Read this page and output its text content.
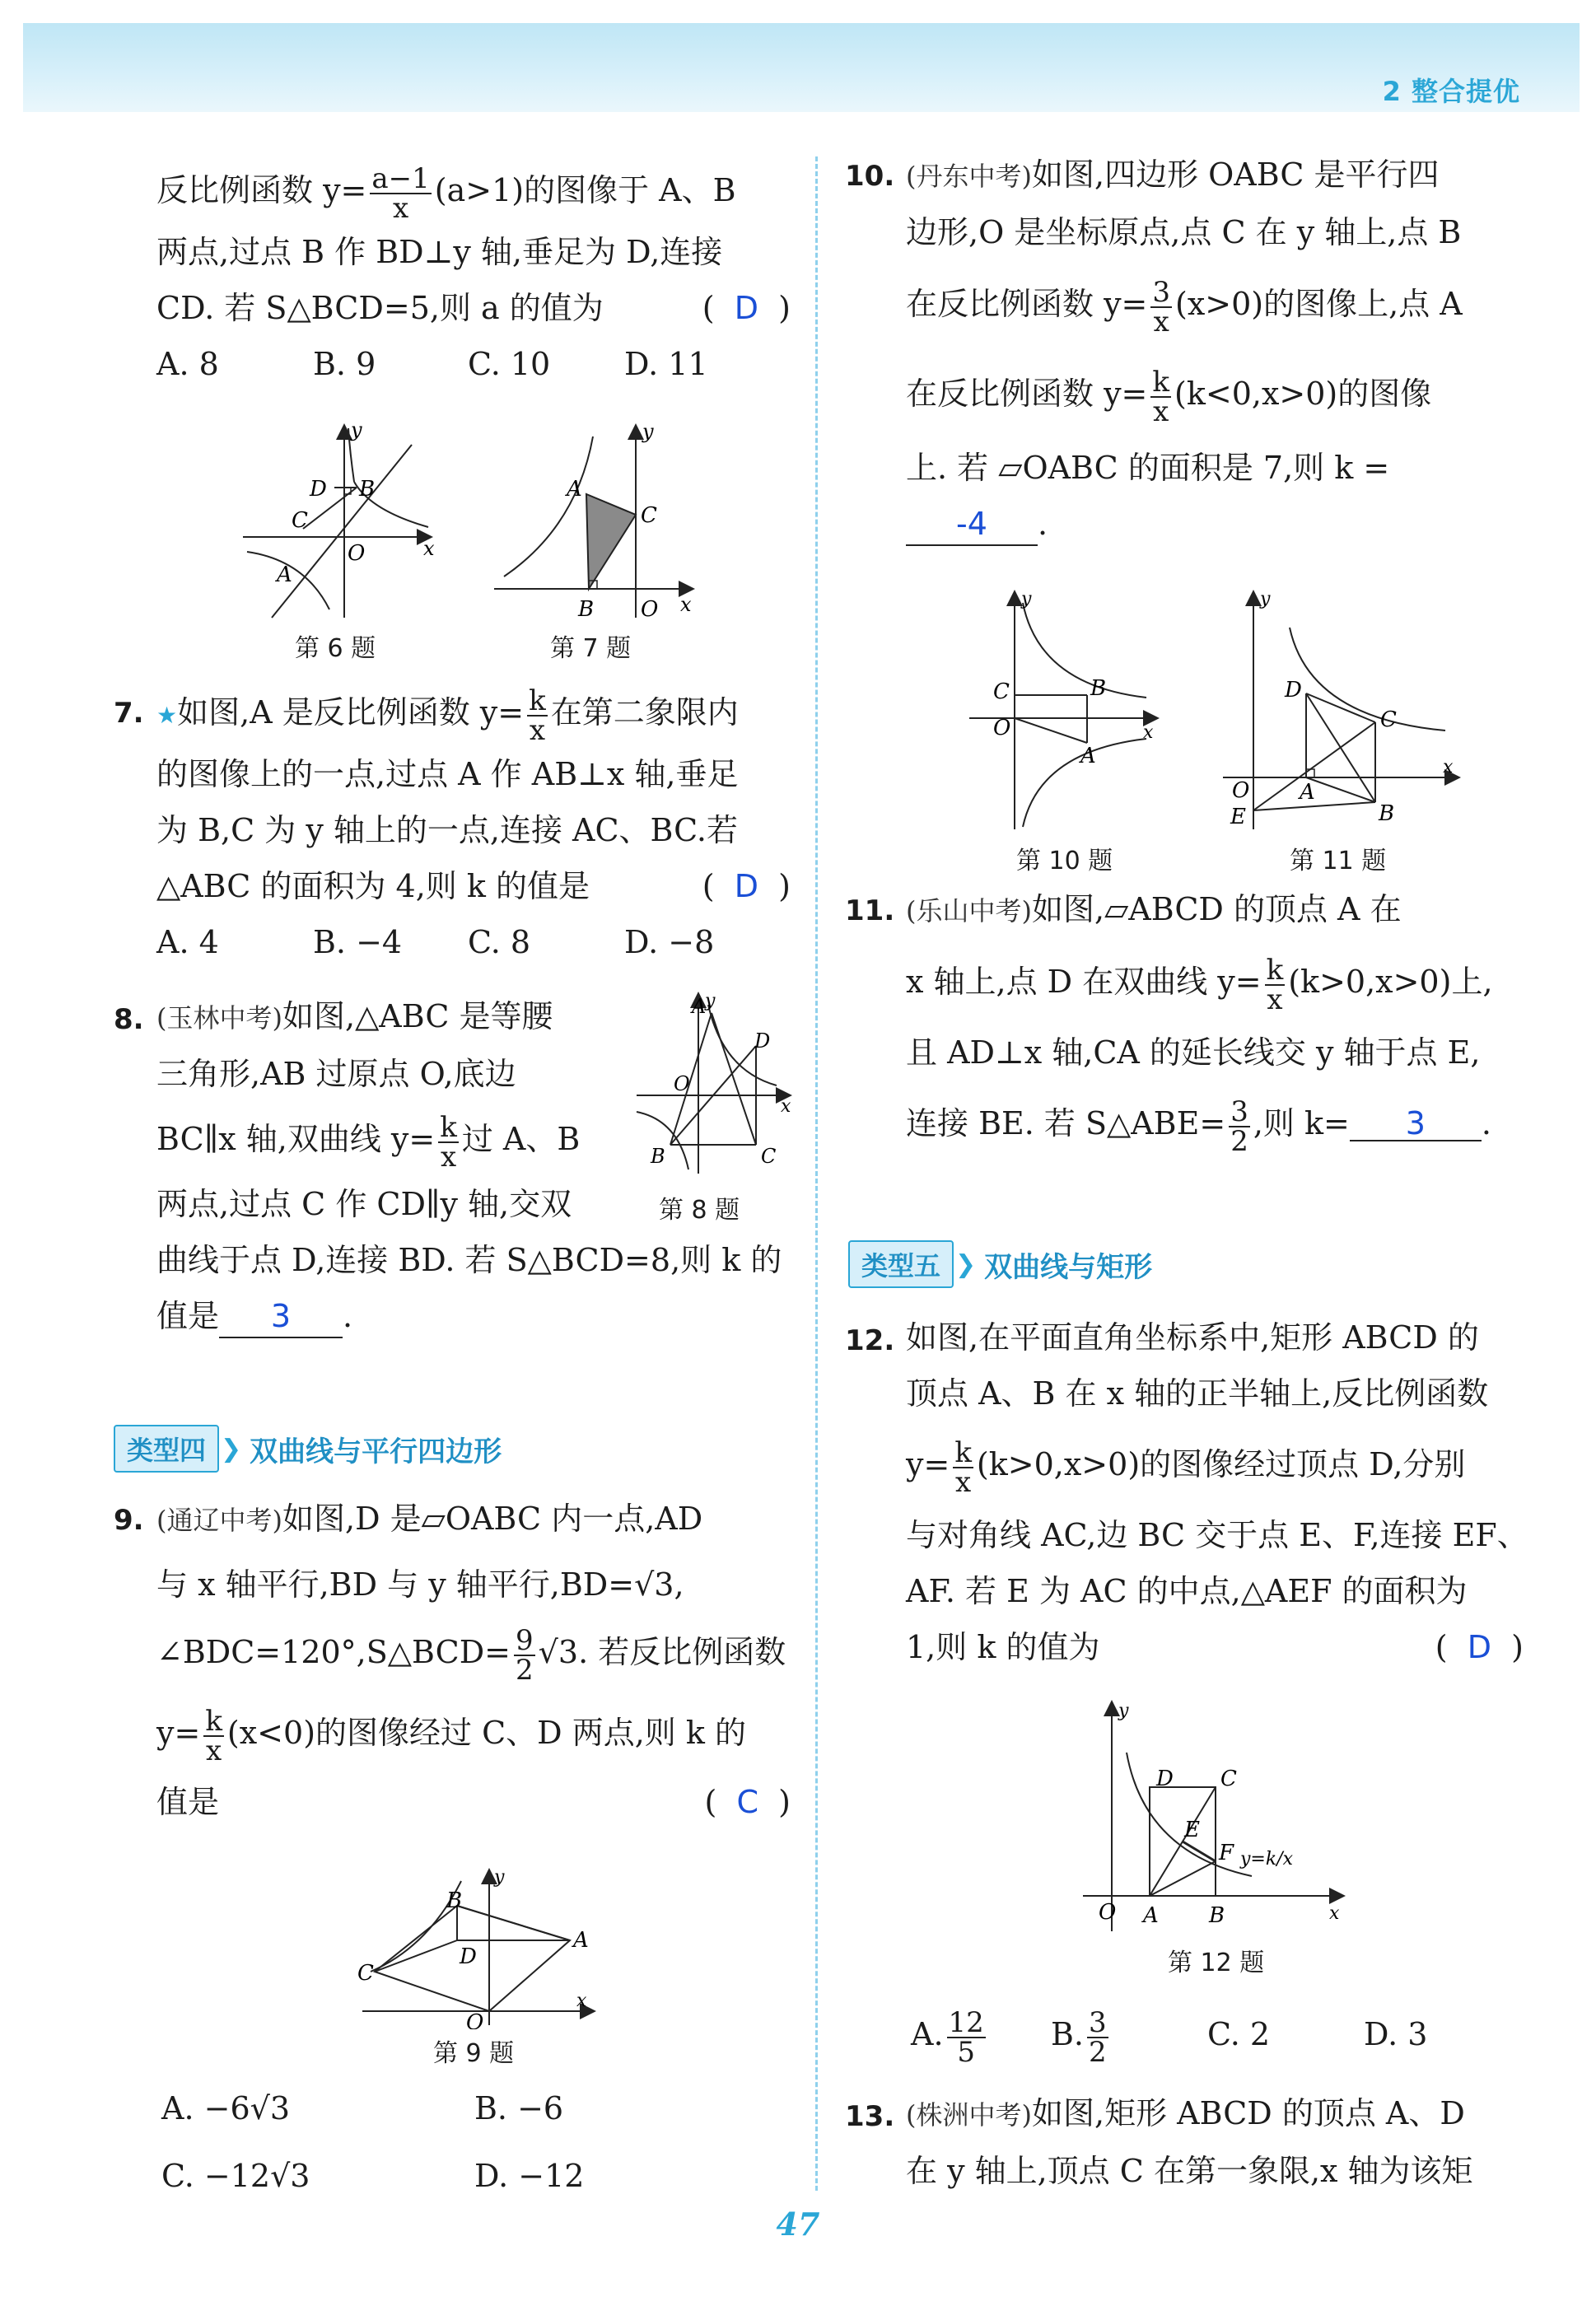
2 整合提优

反比例函数 $y= \frac{a-1}{x} (a>1)$的图像于 A、B

两点,过点 B 作 BD⊥y 轴,垂足为 D,连接

CD. 若 S△BCD=5,则 a 的值为	(  D  )

A. 8	B. 9	C. 10 D. 11

D B
C
O
A
x
y
第 6 题
A
C
B O x
y
第 7 题
7. ★如图,A 是反比例函数 $y= \frac{k}{x}$ 在第二象限内

的图像上的一点,过点 A 作 AB⊥x 轴,垂足

为 B,C 为 y 轴上的一点,连接 AC、BC.若

△ABC 的面积为 4,则 k 的值是	(  D  )

A. 4	B. −4 C. 8	D. −8

8. (玉林中考)如图,△ABC 是等腰

三角形,AB 过原点 O,底边

BC∥x 轴,双曲线 $y= \frac{k}{x}$ 过 A、B

两点,过点 C 作 CD∥y 轴,交双

曲线于点 D,连接 BD. 若 S△BCD=8,则 k 的

值是 3 .

A
D
O
B	C
x
y
第 8 题
类型四 ❯ 双曲线与平行四边形
9. (通辽中考)如图,D 是▱OABC 内一点,AD

与 x 轴平行,BD 与 y 轴平行,BD=√3,

∠BDC=120°,S△BCD= $\frac{9}{2} √3$. 若反比例函数

$y= \frac{k}{x} (x<0)$的图像经过 C、D 两点,则 k 的

值是	(  C  )

B
D
C
A
O
x
y
第 9 题

A. −6√3	B. −6

C. −12√3	D. −12

10. (丹东中考)如图,四边形 OABC 是平行四

边形,O 是坐标原点,点 C 在 y 轴上,点 B

在反比例函数 $y= \frac{3}{x} (x>0)$的图像上,点 A

在反比例函数 $y= \frac{k}{x} (k<0,x>0)$的图像

上. 若 ▱OABC 的面积是 7,则 k =

-4 .

C	B
O
A
x
y
第 10 题
D
C
O A
E	B
x
y
第 11 题
11. (乐山中考)如图,▱ABCD 的顶点 A 在

x 轴上,点 D 在双曲线 $y= \frac{k}{x} (k>0,x>0)$上,

且 AD⊥x 轴,CA 的延长线交 y 轴于点 E,

连接 BE. 若 S△ABE= $\frac{3}{2}$ ,则 k= 3 .

类型五 ❯ 双曲线与矩形
12. 如图,在平面直角坐标系中,矩形 ABCD 的

顶点 A、B 在 x 轴的正半轴上,反比例函数

$y= \frac{k}{x} (k>0,x>0)$的图像经过顶点 D,分别

与对角线 AC,边 BC 交于点 E、F,连接 EF、

AF. 若 E 为 AC 的中点,△AEF 的面积为

1,则 k 的值为	(  D  )

D C
E
F y=k/x
O A B	x
y
第 12 题
A. $\frac{12}{5} B$. $\frac{3}{2}$	C. 2	D. 3
13. (株洲中考)如图,矩形 ABCD 的顶点 A、D

在 y 轴上,顶点 C 在第一象限,x 轴为该矩

47
